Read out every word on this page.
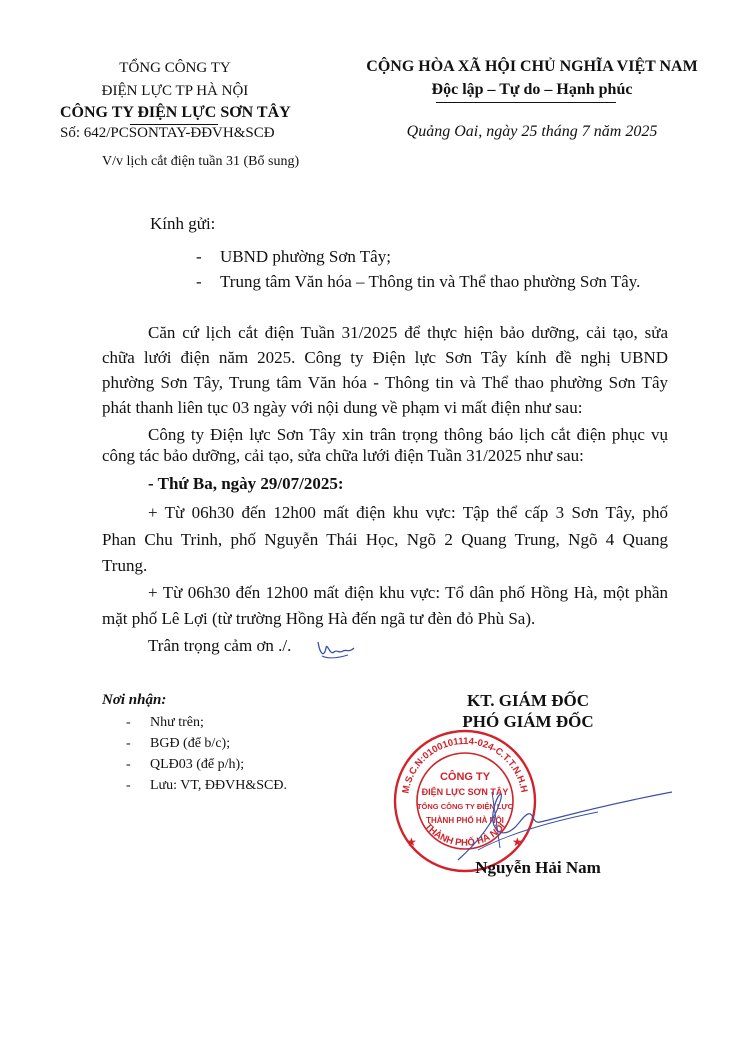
TỔNG CÔNG TY
ĐIỆN LỰC TP HÀ NỘI
CÔNG TY ĐIỆN LỰC SƠN TÂY
Số: 642/PCSONTAY-ĐĐVH&SCĐ
V/v lịch cắt điện tuần 31 (Bổ sung)
CỘNG HÒA XÃ HỘI CHỦ NGHĨA VIỆT NAM
Độc lập – Tự do – Hạnh phúc
Quảng Oai, ngày 25 tháng 7 năm 2025
Kính gửi:
- UBND phường Sơn Tây;
- Trung tâm Văn hóa – Thông tin và Thể thao phường Sơn Tây.
Căn cứ lịch cắt điện Tuần 31/2025 để thực hiện bảo dưỡng, cải tạo, sửa
chữa lưới điện năm 2025. Công ty Điện lực Sơn Tây kính đề nghị UBND
phường Sơn Tây, Trung tâm Văn hóa - Thông tin và Thể thao phường Sơn Tây
phát thanh liên tục 03 ngày với nội dung về phạm vi mất điện như sau:
Công ty Điện lực Sơn Tây xin trân trọng thông báo lịch cắt điện phục vụ
công tác bảo dưỡng, cải tạo, sửa chữa lưới điện Tuần 31/2025 như sau:
- Thứ Ba, ngày 29/07/2025:
+ Từ 06h30 đến 12h00 mất điện khu vực: Tập thể cấp 3 Sơn Tây, phố
Phan Chu Trinh, phố Nguyễn Thái Học, Ngõ 2 Quang Trung, Ngõ 4 Quang
Trung.
+ Từ 06h30 đến 12h00 mất điện khu vực: Tổ dân phố Hồng Hà, một phần
mặt phố Lê Lợi (từ trường Hồng Hà đến ngã tư đèn đỏ Phù Sa).
Trân trọng cảm ơn ./.
Nơi nhận:
- Như trên;
- BGĐ (để b/c);
- QLĐ03 (để p/h);
- Lưu: VT, ĐĐVH&SCĐ.
KT. GIÁM ĐỐC
PHÓ GIÁM ĐỐC
M.S.C.N:0100101114-024-C.T.T.N.H.H
THÀNH PHỐ HÀ NỘI
CÔNG TY
ĐIỆN LỰC SƠN TÂY
TỔNG CÔNG TY ĐIỆN LỰC
THÀNH PHỐ HÀ NỘI
★	★
Nguyễn Hải Nam
